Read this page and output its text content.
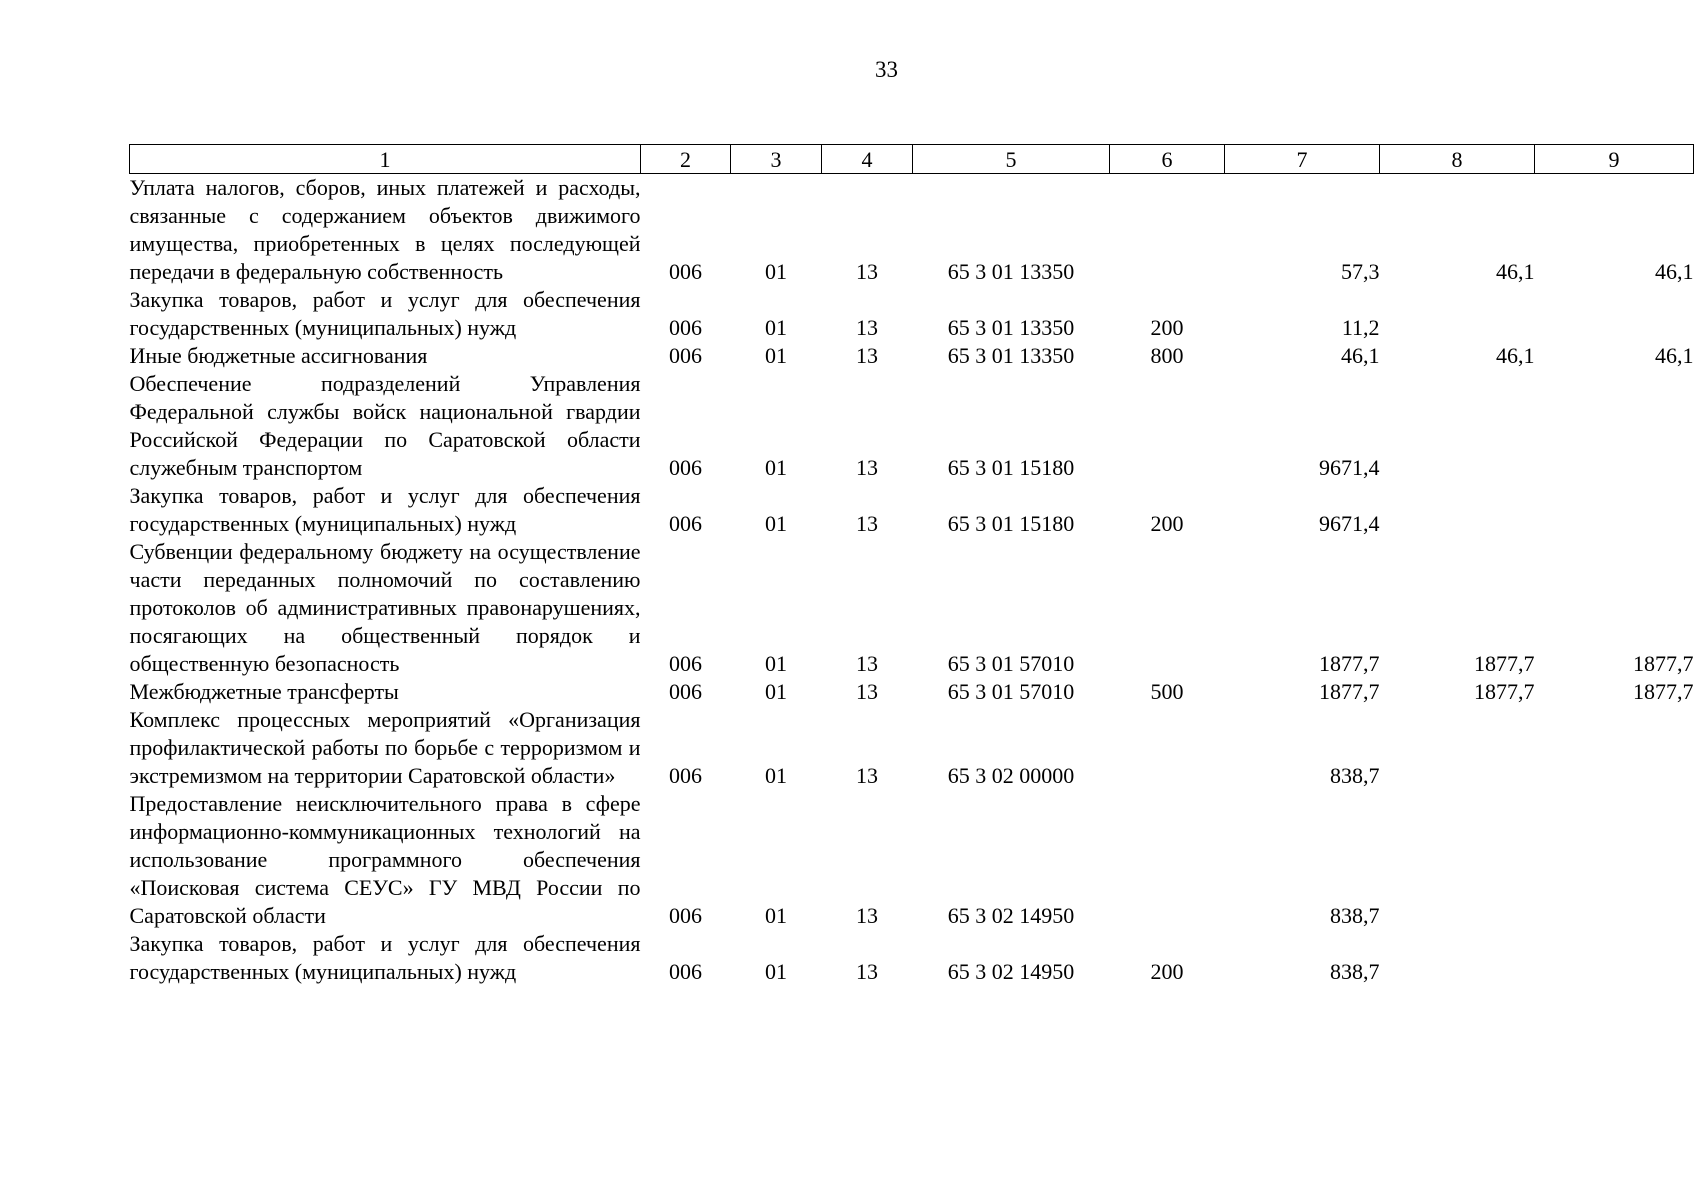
33
1	2	3	4	5	6	7	8	9
Уплата налогов, сборов, иных платежей и расходы, связанные с содержанием объектов движимого имущества, приобретенных в целях последующей передачи в федеральную собственность	006	01	13	65 3 01 13350		57,3	46,1	46,1
Закупка товаров, работ и услуг для обеспечения государственных (муниципальных) нужд	006	01	13	65 3 01 13350	200	11,2		
Иные бюджетные ассигнования	006	01	13	65 3 01 13350	800	46,1	46,1	46,1
Обеспечение подразделений Управления Федеральной службы войск национальной гвардии Российской Федерации по Саратовской области служебным транспортом	006	01	13	65 3 01 15180		9671,4		
Закупка товаров, работ и услуг для обеспечения государственных (муниципальных) нужд	006	01	13	65 3 01 15180	200	9671,4		
Субвенции федеральному бюджету на осуществление части переданных полномочий по составлению протоколов об административных правонарушениях, посягающих на общественный порядок и общественную безопасность	006	01	13	65 3 01 57010		1877,7	1877,7	1877,7
Межбюджетные трансферты	006	01	13	65 3 01 57010	500	1877,7	1877,7	1877,7
Комплекс процессных мероприятий «Организация профилактической работы по борьбе с терроризмом и экстремизмом на территории Саратовской области»	006	01	13	65 3 02 00000		838,7		
Предоставление неисключительного права в сфере информационно-коммуникационных технологий на использование программного обеспечения «Поисковая система СЕУС» ГУ МВД России по Саратовской области	006	01	13	65 3 02 14950		838,7		
Закупка товаров, работ и услуг для обеспечения государственных (муниципальных) нужд	006	01	13	65 3 02 14950	200	838,7		
